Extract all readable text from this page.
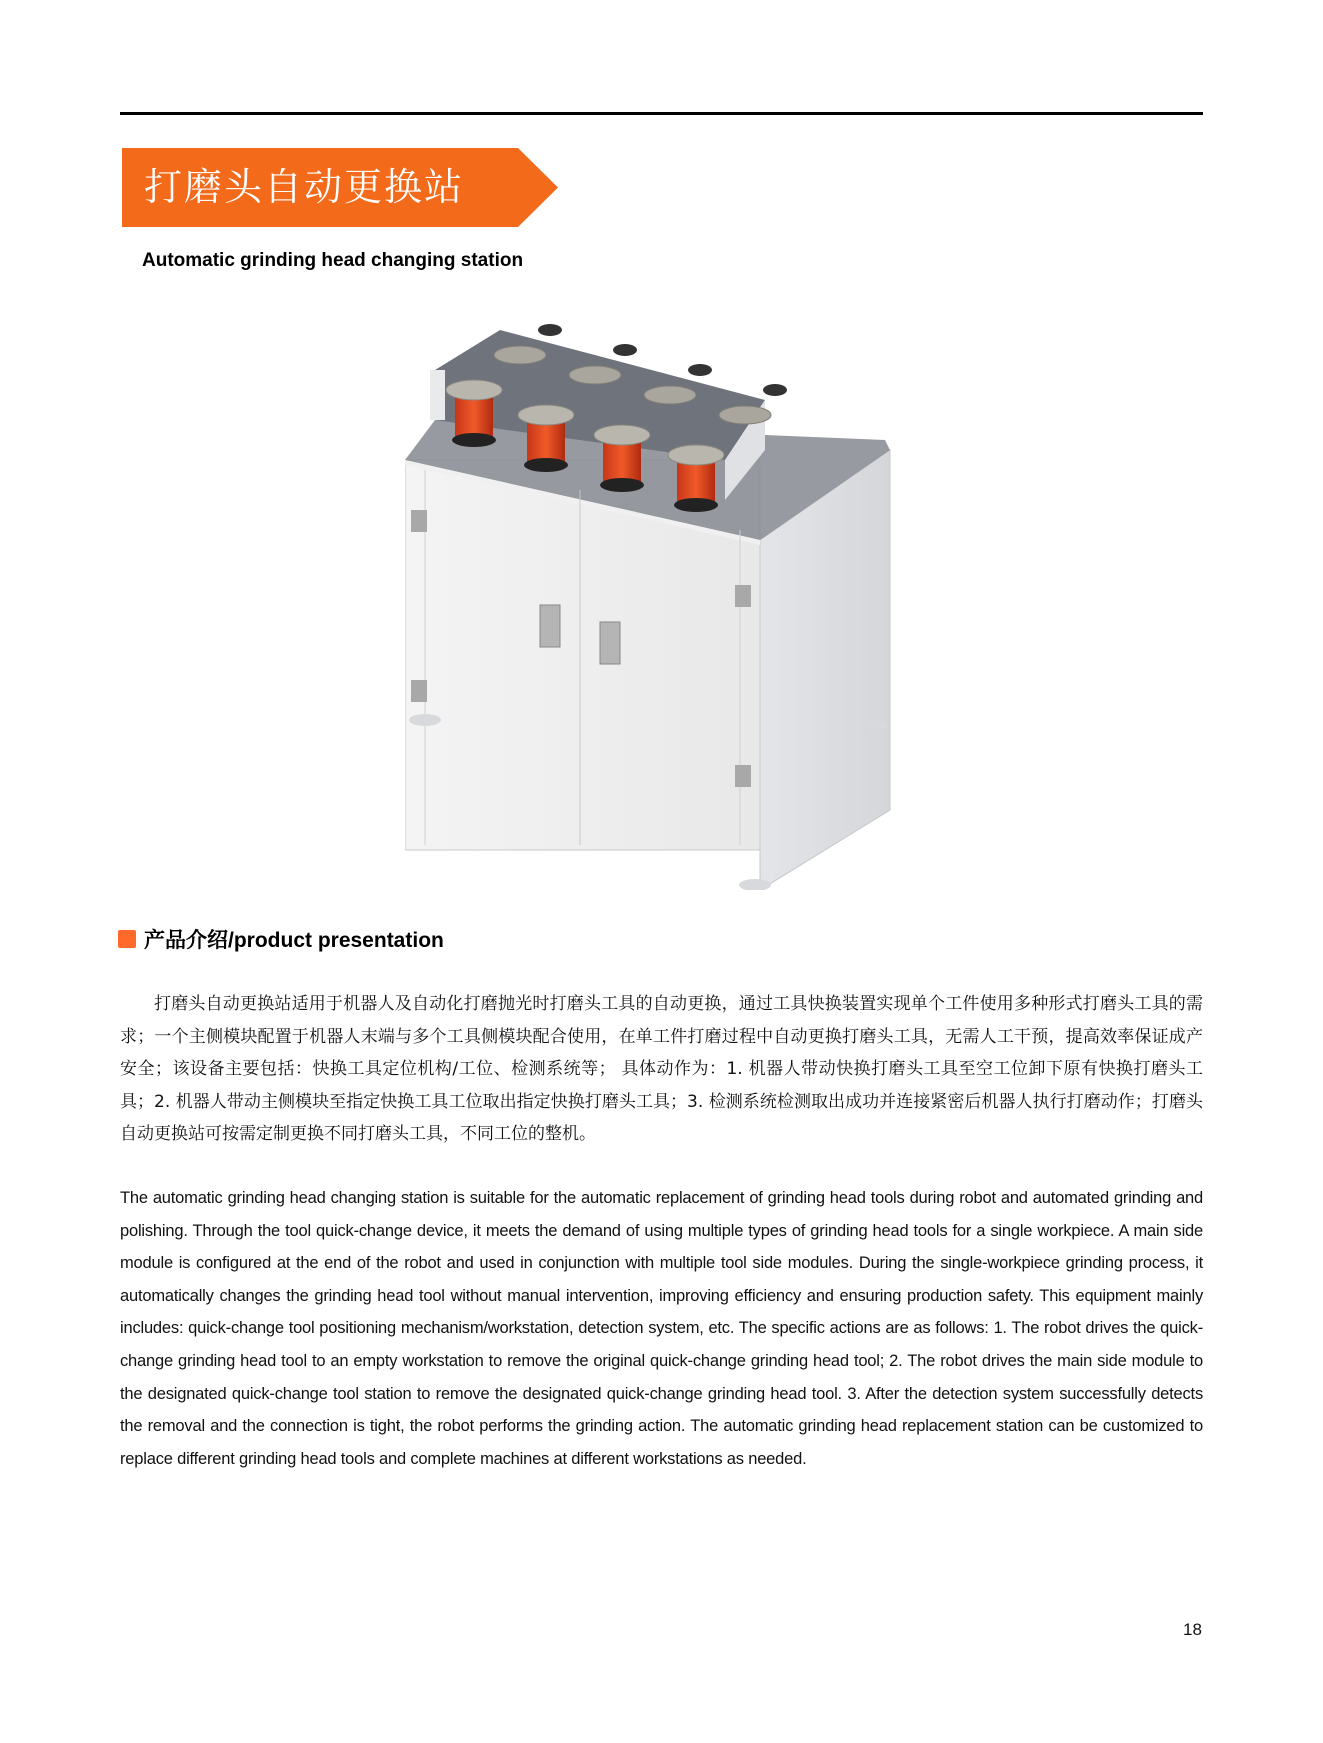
打磨头自动更换站
Automatic grinding head changing station
产品介绍/product presentation

打磨头自动更换站适用于机器人及自动化打磨抛光时打磨头工具的自动更换，通过工具快换装置实现单个工件使用多种形式打磨头工具的需求；一个主侧模块配置于机器人末端与多个工具侧模块配合使用，在单工件打磨过程中自动更换打磨头工具，无需人工干预，提高效率保证成产安全；该设备主要包括：快换工具定位机构/工位、检测系统等； 具体动作为：1. 机器人带动快换打磨头工具至空工位卸下原有快换打磨头工具；2. 机器人带动主侧模块至指定快换工具工位取出指定快换打磨头工具；3. 检测系统检测取出成功并连接紧密后机器人执行打磨动作；打磨头自动更换站可按需定制更换不同打磨头工具，不同工位的整机。

The automatic grinding head changing station is suitable for the automatic replacement of grinding head tools during robot and automated grinding and polishing. Through the tool quick-change device, it meets the demand of using multiple types of grinding head tools for a single workpiece. A main side module is configured at the end of the robot and used in conjunction with multiple tool side modules. During the single-workpiece grinding process, it automatically changes the grinding head tool without manual intervention, improving efficiency and ensuring production safety. This equipment mainly includes: quick-change tool positioning mechanism/workstation, detection system, etc. The specific actions are as follows: 1. The robot drives the quick-change grinding head tool to an empty workstation to remove the original quick-change grinding head tool; 2. The robot drives the main side module to the designated quick-change tool station to remove the designated quick-change grinding head tool. 3. After the detection system successfully detects the removal and the connection is tight, the robot performs the grinding action. The automatic grinding head replacement station can be customized to replace different grinding head tools and complete machines at different workstations as needed.

18
